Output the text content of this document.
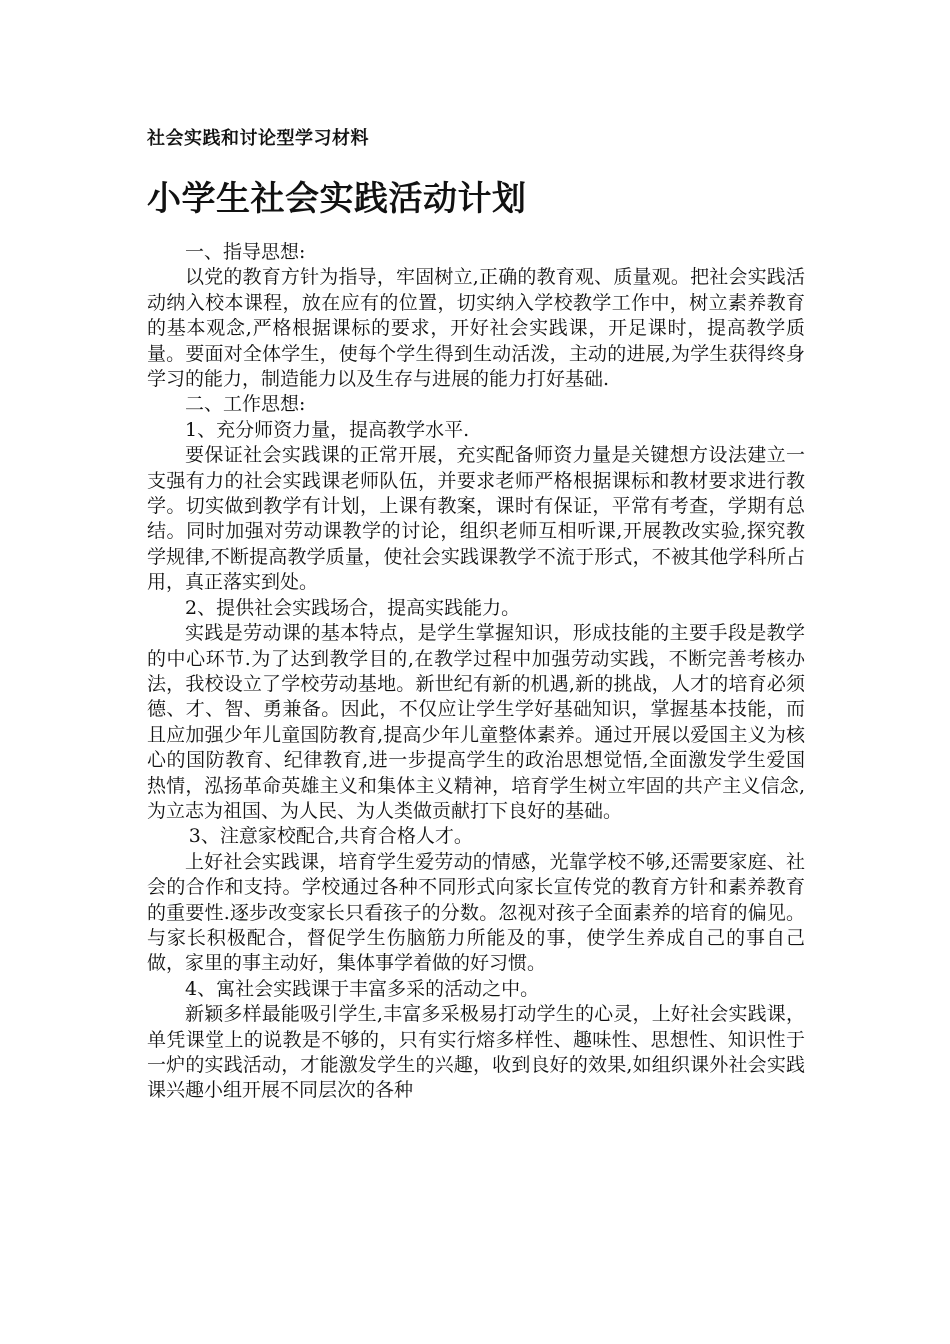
社会实践和讨论型学习材料
小学生社会实践活动计划

一、指导思想:

以党的教育方针为指导，牢固树立,正确的教育观、质量观。把社会实践活动纳入校本课程，放在应有的位置，切实纳入学校教学工作中，树立素养教育的基本观念,严格根据课标的要求，开好社会实践课，开足课时，提高教学质量。要面对全体学生，使每个学生得到生动活泼，主动的进展,为学生获得终身学习的能力，制造能力以及生存与进展的能力打好基础.

二、工作思想:

1、充分师资力量，提高教学水平.

要保证社会实践课的正常开展，充实配备师资力量是关键想方设法建立一支强有力的社会实践课老师队伍，并要求老师严格根据课标和教材要求进行教学。切实做到教学有计划，上课有教案，课时有保证，平常有考查，学期有总结。同时加强对劳动课教学的讨论，组织老师互相听课,开展教改实验,探究教学规律,不断提高教学质量，使社会实践课教学不流于形式，不被其他学科所占用，真正落实到处。

2、提供社会实践场合，提高实践能力。

实践是劳动课的基本特点，是学生掌握知识，形成技能的主要手段是教学的中心环节.为了达到教学目的,在教学过程中加强劳动实践，不断完善考核办法，我校设立了学校劳动基地。新世纪有新的机遇,新的挑战，人才的培育必须德、才、智、勇兼备。因此，不仅应让学生学好基础知识，掌握基本技能，而且应加强少年儿童国防教育,提高少年儿童整体素养。通过开展以爱国主义为核心的国防教育、纪律教育,进一步提高学生的政治思想觉悟,全面激发学生爱国热情，泓扬革命英雄主义和集体主义精神，培育学生树立牢固的共产主义信念,为立志为祖国、为人民、为人类做贡献打下良好的基础。

3、注意家校配合,共育合格人才。

上好社会实践课，培育学生爱劳动的情感，光靠学校不够,还需要家庭、社会的合作和支持。学校通过各种不同形式向家长宣传党的教育方针和素养教育的重要性.逐步改变家长只看孩子的分数。忽视对孩子全面素养的培育的偏见。与家长积极配合，督促学生伤脑筋力所能及的事，使学生养成自己的事自己做，家里的事主动好，集体事学着做的好习惯。

4、寓社会实践课于丰富多采的活动之中。

新颖多样最能吸引学生,丰富多采极易打动学生的心灵，上好社会实践课，单凭课堂上的说教是不够的，只有实行熔多样性、趣味性、思想性、知识性于一炉的实践活动，才能激发学生的兴趣，收到良好的效果,如组织课外社会实践课兴趣小组开展不同层次的各种
